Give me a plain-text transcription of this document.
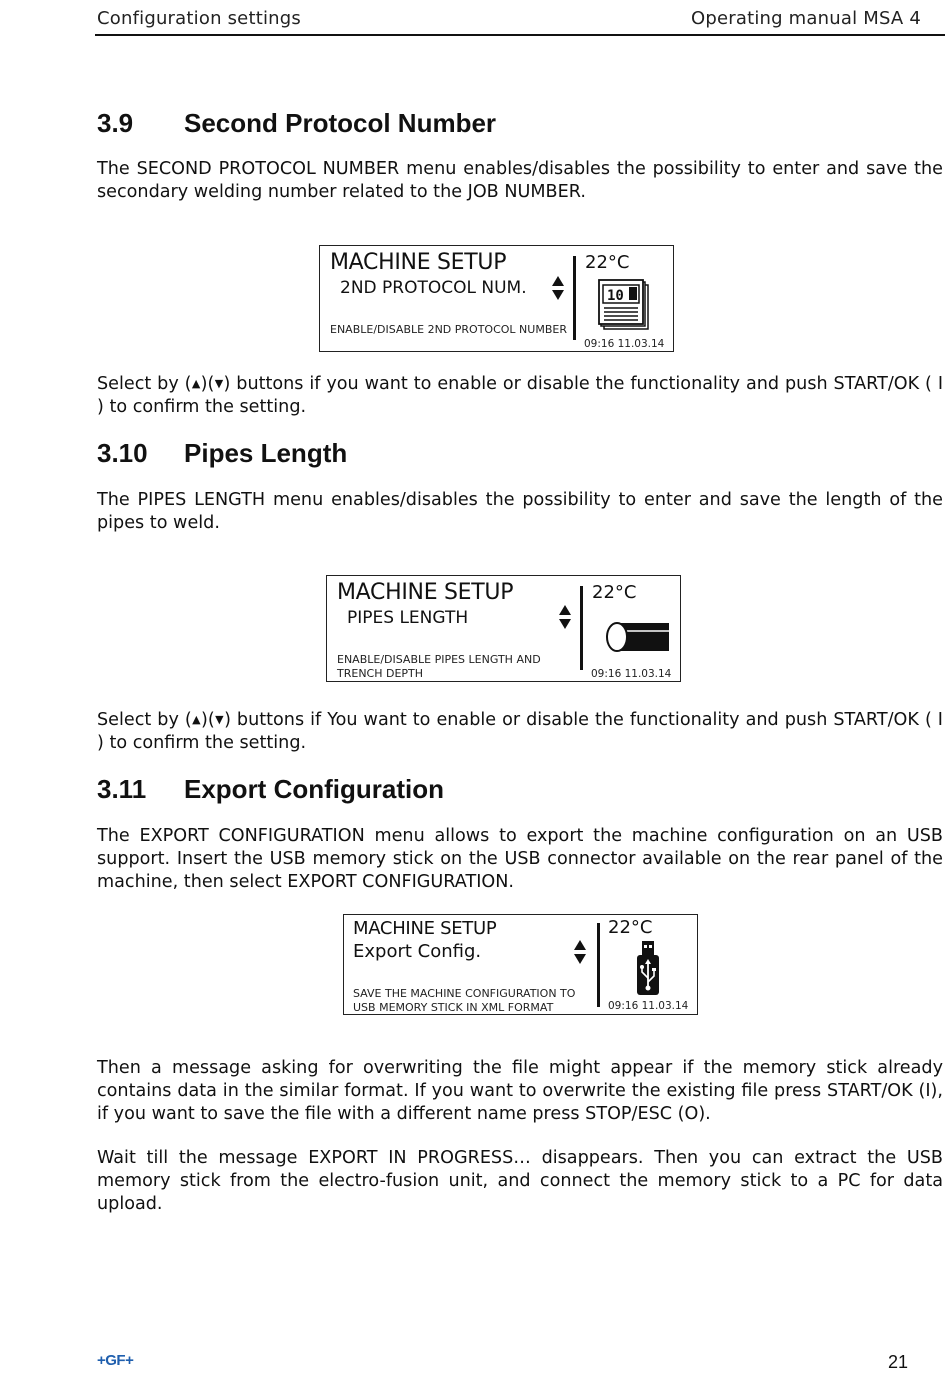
Configuration settings	Operating manual MSA 4
3.9 Second Protocol Number

The SECOND PROTOCOL NUMBER menu enables/disables the possibility to enter and save the secondary welding number related to the JOB NUMBER.

MACHINE SETUP
2ND PROTOCOL NUM.
ENABLE/DISABLE 2ND PROTOCOL NUMBER
22°C
10
09:16 11.03.14

Select by (▲)(▼) buttons if you want to enable or disable the functionality and push START/OK ( I ) to confirm the setting.

3.10 Pipes Length

The PIPES LENGTH menu enables/disables the possibility to enter and save the length of the pipes to weld.

MACHINE SETUP
PIPES LENGTH
ENABLE/DISABLE PIPES LENGTH AND
TRENCH DEPTH
22°C
09:16 11.03.14

Select by (▲)(▼) buttons if You want to enable or disable the functionality and push START/OK ( I ) to confirm the setting.

3.11 Export Configuration

The EXPORT CONFIGURATION menu allows to export the machine configuration on an USB support. Insert the USB memory stick on the USB connector available on the rear panel of the machine, then select EXPORT CONFIGURATION.

MACHINE SETUP
Export Config.
SAVE THE MACHINE CONFIGURATION TO
USB MEMORY STICK IN XML FORMAT
22°C
09:16 11.03.14

Then a message asking for overwriting the file might appear if the memory stick already contains data in the similar format. If you want to overwrite the existing file press START/OK (I), if you want to save the file with a different name press STOP/ESC (O).

Wait till the message EXPORT IN PROGRESS… disappears. Then you can extract the USB memory stick from the electro-fusion unit, and connect the memory stick to a PC for data upload.

+GF+	21
